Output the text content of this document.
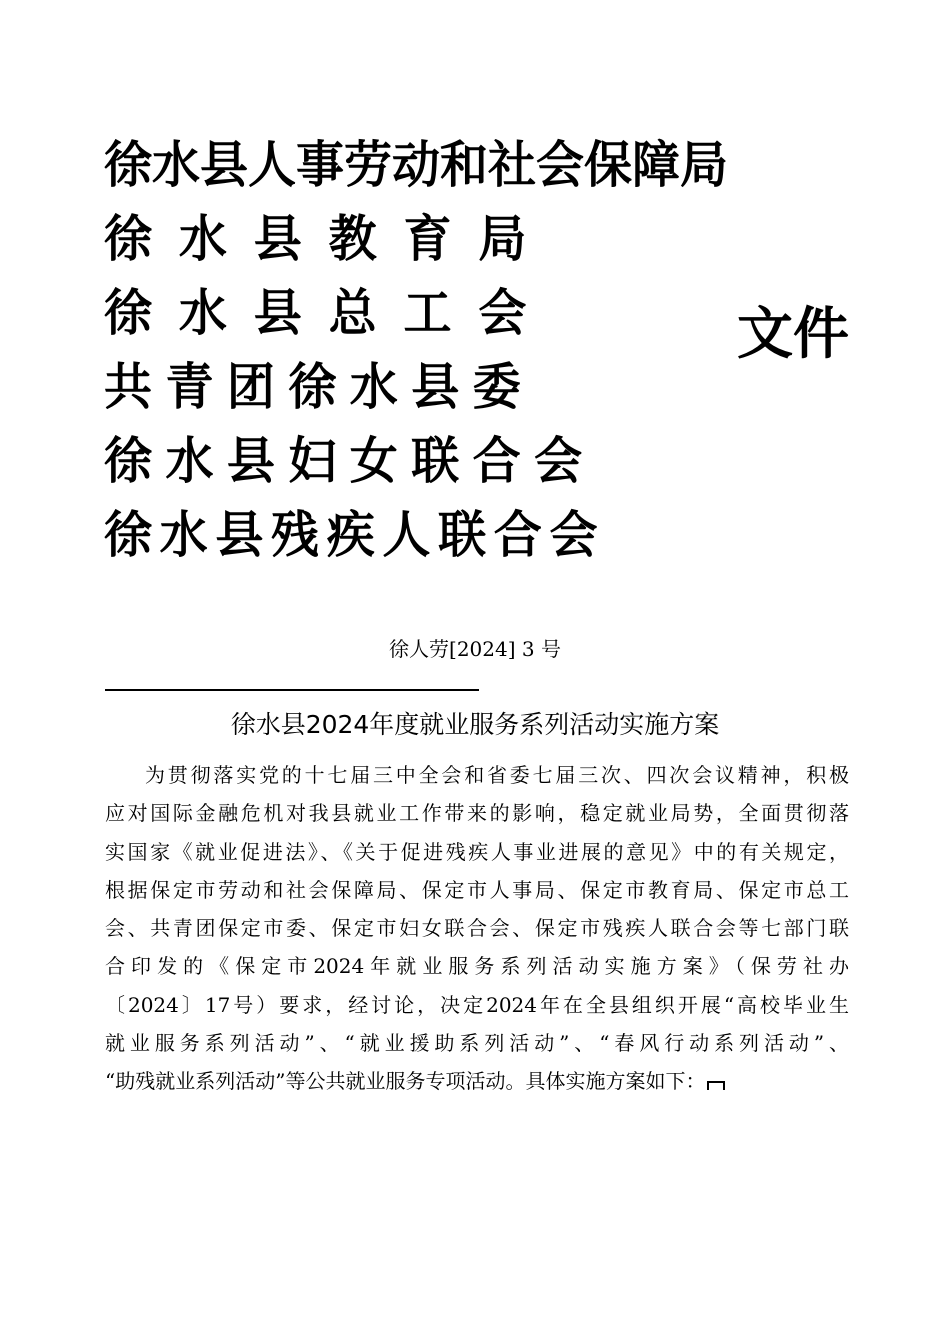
徐水县人事劳动和社会保障局
徐水县教育局
徐水县总工会
共青团徐水县委
徐水县妇女联合会
徐水县残疾人联合会
文件
徐人劳[2024] 3 号
徐水县2024年度就业服务系列活动实施方案
为贯彻落实党的十七届三中全会和省委七届三次、四次会议精神，积极
应对国际金融危机对我县就业工作带来的影响，稳定就业局势，全面贯彻落
实国家《就业促进法》、《关于促进残疾人事业进展的意见》中的有关规定，
根据保定市劳动和社会保障局、保定市人事局、保定市教育局、保定市总工
会、共青团保定市委、保定市妇女联合会、保定市残疾人联合会等七部门联
合印发的《保定市2024年就业服务系列活动实施方案》（保劳社办
〔2024〕17号）要求，经讨论，决定2024年在全县组织开展“高校毕业生
就业服务系列活动”、“就业援助系列活动”、“春风行动系列活动”、
“助残就业系列活动”等公共就业服务专项活动。具体实施方案如下：
